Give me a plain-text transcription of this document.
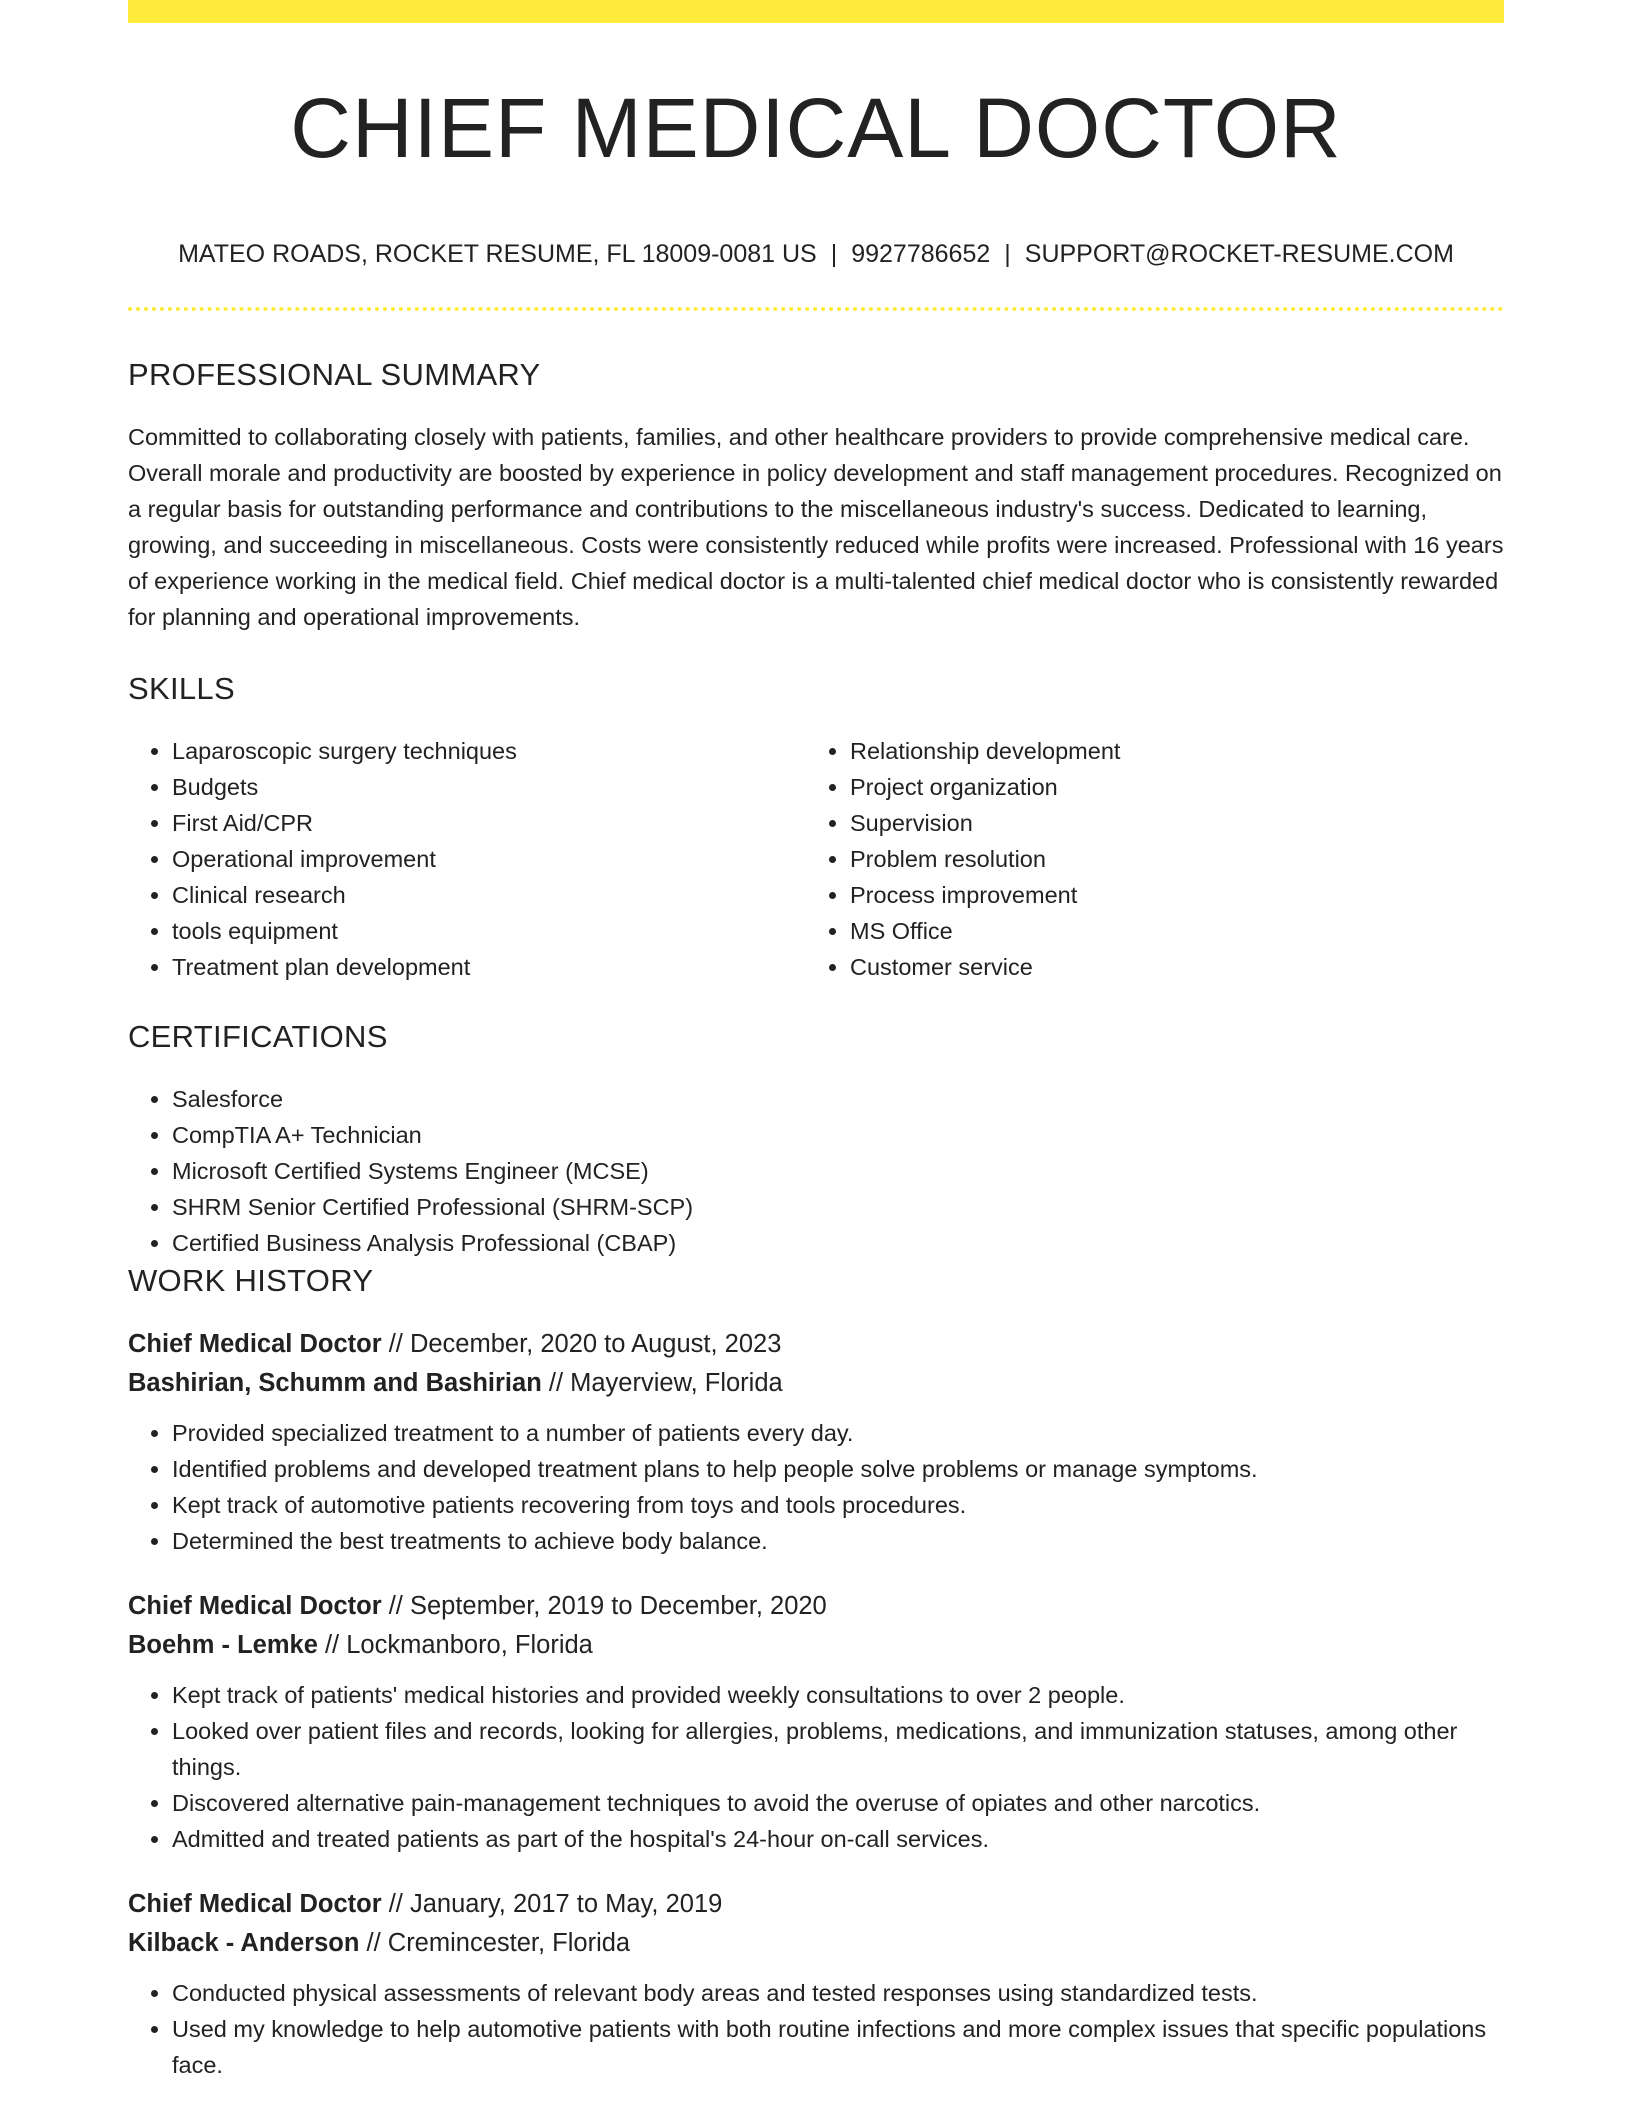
CHIEF MEDICAL DOCTOR
MATEO ROADS, ROCKET RESUME, FL 18009-0081 US | 9927786652 | SUPPORT@ROCKET-RESUME.COM
PROFESSIONAL SUMMARY

Committed to collaborating closely with patients, families, and other healthcare providers to provide comprehensive medical care. Overall morale and productivity are boosted by experience in policy development and staff management procedures. Recognized on a regular basis for outstanding performance and contributions to the miscellaneous industry's success. Dedicated to learning, growing, and succeeding in miscellaneous. Costs were consistently reduced while profits were increased. Professional with 16 years of experience working in the medical field. Chief medical doctor is a multi-talented chief medical doctor who is consistently rewarded for planning and operational improvements.

SKILLS
• Laparoscopic surgery techniques
• Budgets
• First Aid/CPR
• Operational improvement
• Clinical research
• tools equipment
• Treatment plan development
• Relationship development
• Project organization
• Supervision
• Problem resolution
• Process improvement
• MS Office
• Customer service
CERTIFICATIONS
• Salesforce
• CompTIA A+ Technician
• Microsoft Certified Systems Engineer (MCSE)
• SHRM Senior Certified Professional (SHRM-SCP)
• Certified Business Analysis Professional (CBAP)
WORK HISTORY
Chief Medical Doctor // December, 2020 to August, 2023
Bashirian, Schumm and Bashirian // Mayerview, Florida
• Provided specialized treatment to a number of patients every day.
• Identified problems and developed treatment plans to help people solve problems or manage symptoms.
• Kept track of automotive patients recovering from toys and tools procedures.
• Determined the best treatments to achieve body balance.
Chief Medical Doctor // September, 2019 to December, 2020
Boehm - Lemke // Lockmanboro, Florida
• Kept track of patients' medical histories and provided weekly consultations to over 2 people.
• Looked over patient files and records, looking for allergies, problems, medications, and immunization statuses, among other things.
• Discovered alternative pain-management techniques to avoid the overuse of opiates and other narcotics.
• Admitted and treated patients as part of the hospital's 24-hour on-call services.
Chief Medical Doctor // January, 2017 to May, 2019
Kilback - Anderson // Cremincester, Florida
• Conducted physical assessments of relevant body areas and tested responses using standardized tests.
• Used my knowledge to help automotive patients with both routine infections and more complex issues that specific populations face.
